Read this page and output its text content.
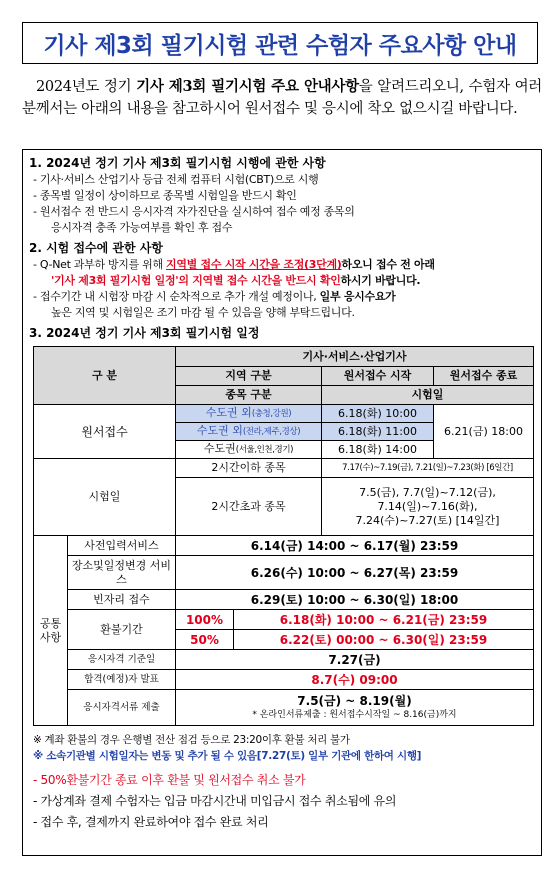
기사 제3회 필기시험 관련 수험자 주요사항 안내
2024년도 정기 기사 제3회 필기시험 주요 안내사항을 알려드리오니, 수험자 여러분께서는 아래의 내용을 참고하시어 원서접수 및 응시에 착오 없으시길 바랍니다.
1. 2024년 정기 기사 제3회 필기시험 시행에 관한 사항
- 기사·서비스 산업기사 등급 전체 컴퓨터 시험(CBT)으로 시행
- 종목별 일정이 상이하므로 종목별 시험일을 반드시 확인
- 원서접수 전 반드시 응시자격 자가진단을 실시하여 접수 예정 종목의
응시자격 충족 가능여부를 확인 후 접수
2. 시험 접수에 관한 사항
- Q-Net 과부하 방지를 위해 지역별 접수 시작 시간을 조정(3단계)하오니 접수 전 아래
'기사 제3회 필기시험 일정'의 지역별 접수 시간을 반드시 확인하시기 바랍니다.
- 접수기간 내 시험장 마감 시 순차적으로 추가 개설 예정이나, 일부 응시수요가
높은 지역 및 시험일은 조기 마감 될 수 있음을 양해 부탁드립니다.
3. 2024년 정기 기사 제3회 필기시험 일정
구 분		기사·서비스·산업기사			
		지역 구분		원서접수 시작	원서접수 종료
		종목 구분		시험일	
원서접수		수도권 외(충청,강원)		6.18(화) 10:00	6.21(금) 18:00
		수도권 외(전라,제주,경상)		6.18(화) 11:00	
		수도권(서울,인천,경기)		6.18(화) 14:00	
시험일		2시간이하 종목		7.17(수)~7.19(금), 7.21(일)~7.23(화) [6일간]	
		2시간초과 종목		7.5(금), 7.7(일)~7.12(금),
7.14(일)~7.16(화),
7.24(수)~7.27(토) [14일간]	

공통 사항	사전입력서비스	6.14(금) 14:00 ~ 6.17(월) 23:59			
	장소및일정변경 서비스	6.26(수) 10:00 ~ 6.27(목) 23:59			
	빈자리 접수	6.29(토) 10:00 ~ 6.30(일) 18:00			
	환불기간	100%	6.18(화) 10:00 ~ 6.21(금) 23:59		
		50%	6.22(토) 00:00 ~ 6.30(일) 23:59		
	응시자격 기준일	7.27(금)			
	합격(예정)자 발표	8.7(수) 09:00			
	응시자격서류 제출	7.5(금) ~ 8.19(월)
* 온라인서류제출 : 원서접수시작일 ~ 8.16(금)까지			
※ 계좌 환불의 경우 은행별 전산 점검 등으로 23:20이후 환불 처리 불가
※ 소속기관별 시험일자는 변동 및 추가 될 수 있음[7.27(토) 일부 기관에 한하여 시행]
- 50%환불기간 종료 이후 환불 및 원서접수 취소 불가
- 가상계좌 결제 수험자는 입금 마감시간내 미입금시 접수 취소됨에 유의
- 접수 후, 결제까지 완료하여야 접수 완료 처리
